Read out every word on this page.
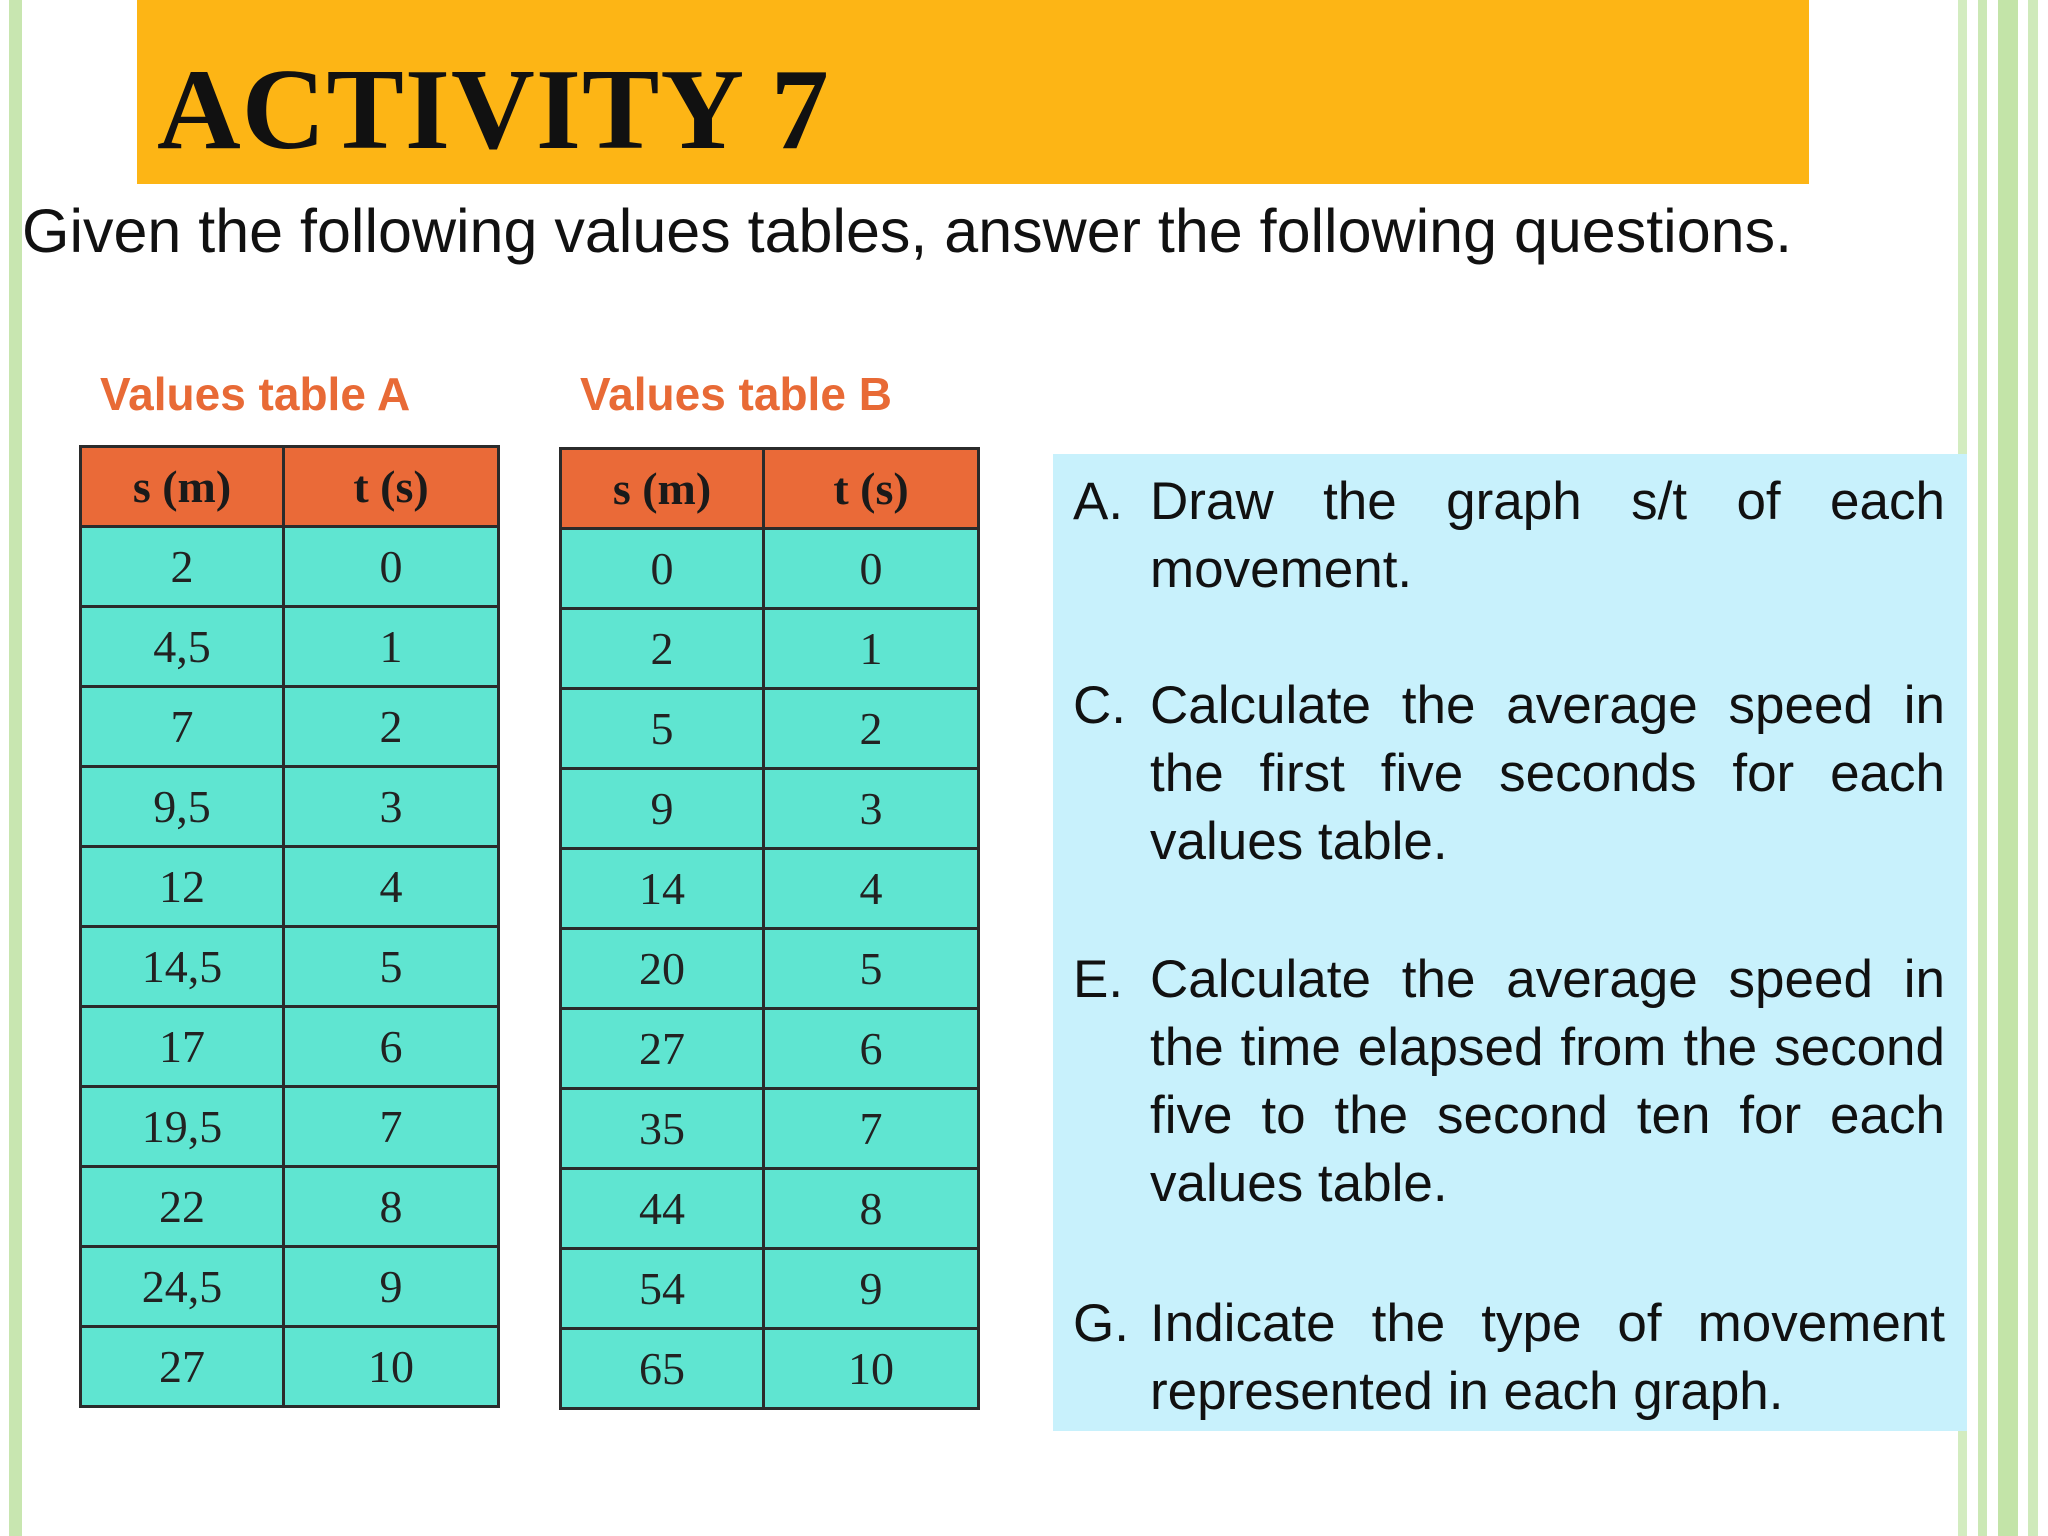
ACTIVITY 7
Given the following values tables, answer the following questions.
Values table A	Values table B
s (m)	t (s)
2	0
4,5	1
7	2
9,5	3
12	4
14,5	5
17	6
19,5	7
22	8
24,5	9
27	10
s (m)	t (s)
0	0
2	1
5	2
9	3
14	4
20	5
27	6
35	7
44	8
54	9
65	10
A. Draw the graph s/t of each movement.
C. Calculate the average speed in the first five seconds for each values table.
E. Calculate the average speed in the time elapsed from the second five to the second ten for each values table.
G. Indicate the type of movement represented in each graph.
